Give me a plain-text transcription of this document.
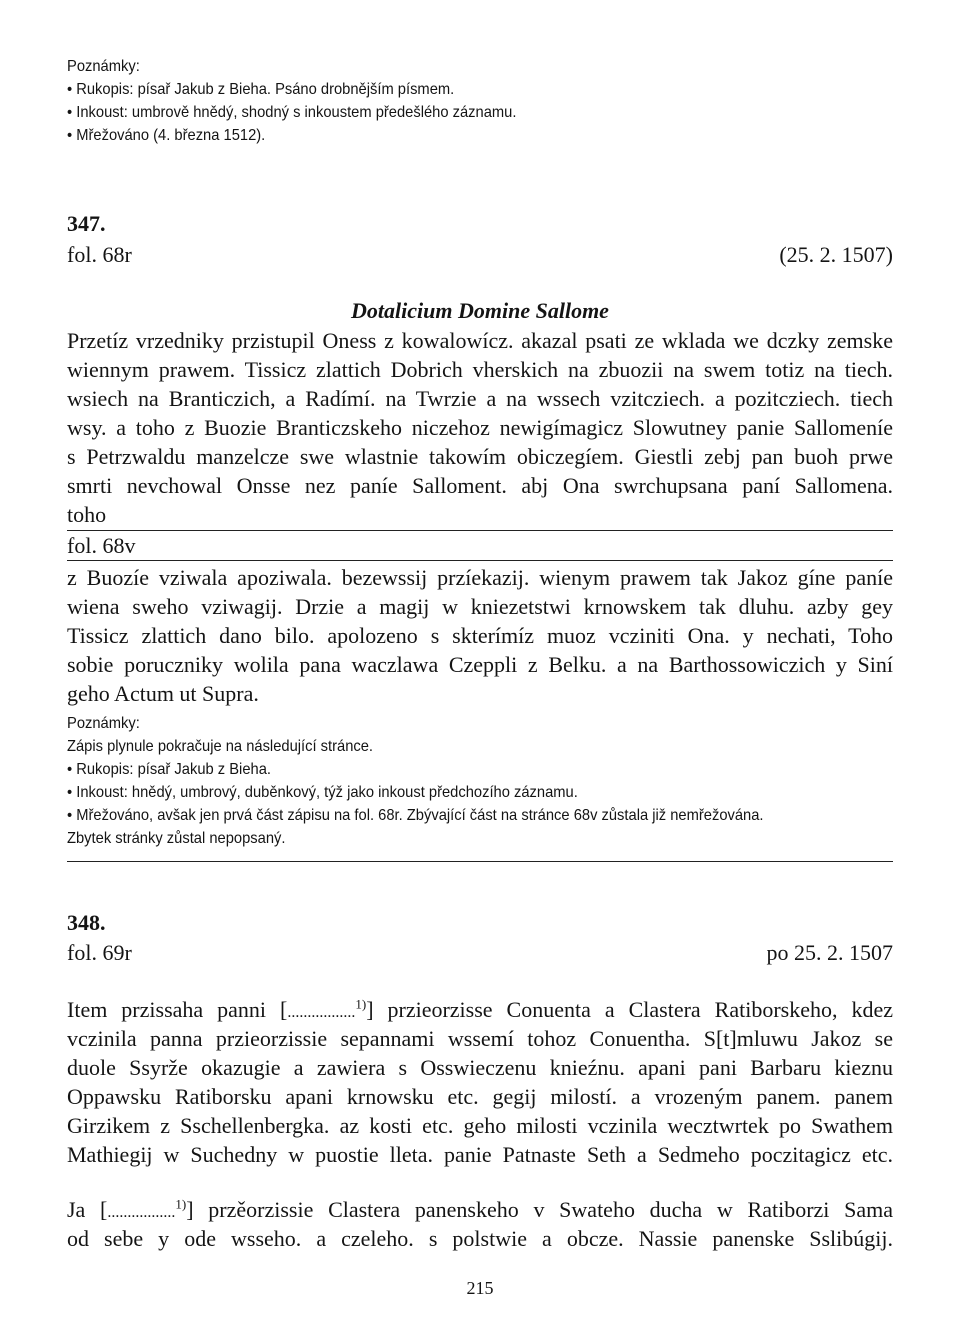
Poznámky:
• Rukopis: písař Jakub z Bieha. Psáno drobnějším písmem.
• Inkoust: umbrově hnědý, shodný s inkoustem předešlého záznamu.
• Mřežováno (4. března 1512).
347.
fol. 68r	(25. 2. 1507)
Dotalicium Domine Sallome
Przetíz vrzedniky przistupil Oness z kowalowícz. akazal psati ze wklada we dczky zemske
wiennym prawem. Tissicz zlattich Dobrich vherskich na zbuozii na swem totiz na tiech.
wsiech na Branticzich, a Radímí. na Twrzie a na wssech vzitcziech. a pozitcziech. tiech
wsy. a toho z Buozie Branticzskeho niczehoz newigímagicz Slowutney panie Sallomeníe
s Petrzwaldu manzelcze swe wlastnie takowím obiczegíem. Giestli zebj pan buoh prwe
smrti nevchowal Onsse nez paníe Salloment. abj Ona swrchupsana paní Sallomena.
toho
fol. 68v
z Buozíe vziwala apoziwala. bezewssij przíekazij. wienym prawem tak Jakoz gíne paníe
wiena sweho vziwagij. Drzie a magij w kniezetstwi krnowskem tak dluhu. azby gey
Tissicz zlattich dano bilo. apolozeno s skterímíz muoz vcziniti Ona. y nechati, Toho
sobie poruczniky wolila pana waczlawa Czeppli z Belku. a na Barthossowiczich y Siní
geho Actum ut Supra.
Poznámky:
Zápis plynule pokračuje na následující stránce.
• Rukopis: písař Jakub z Bieha.
• Inkoust: hnědý, umbrový, duběnkový, týž jako inkoust předchozího záznamu.
• Mřežováno, avšak jen prvá část zápisu na fol. 68r. Zbývající část na stránce 68v zůstala již nemřežována.
Zbytek stránky zůstal nepopsaný.
348.
fol. 69r	po 25. 2. 1507
Item przissaha panni [.................$^{1)}$] przieorzisse Conuenta a Clastera Ratiborskeho, kdez
vczinila panna przieorzissie sepannami wssemí tohoz Conuentha. S[t]mluwu Jakoz se
duole Ssyrže okazugie a zawiera s Osswieczenu knieźnu. apani pani Barbaru kieznu
Oppawsku Ratiborsku apani krnowsku etc. gegij milostí. a vrozeným panem. panem
Girzikem z Sschellenbergka. az kosti etc. geho milosti vczinila wecztwrtek po Swathem
Mathiegij w Suchedny w puostie lleta. panie Patnaste Seth a Sedmeho poczitagicz etc.
Ja [.................$^{1)}$] przěorzissie Clastera panenskeho v Swateho ducha w Ratiborzi Sama
od sebe y ode wsseho. a czeleho. s polstwie a obcze. Nassie panenske Sslibúgij.
215
